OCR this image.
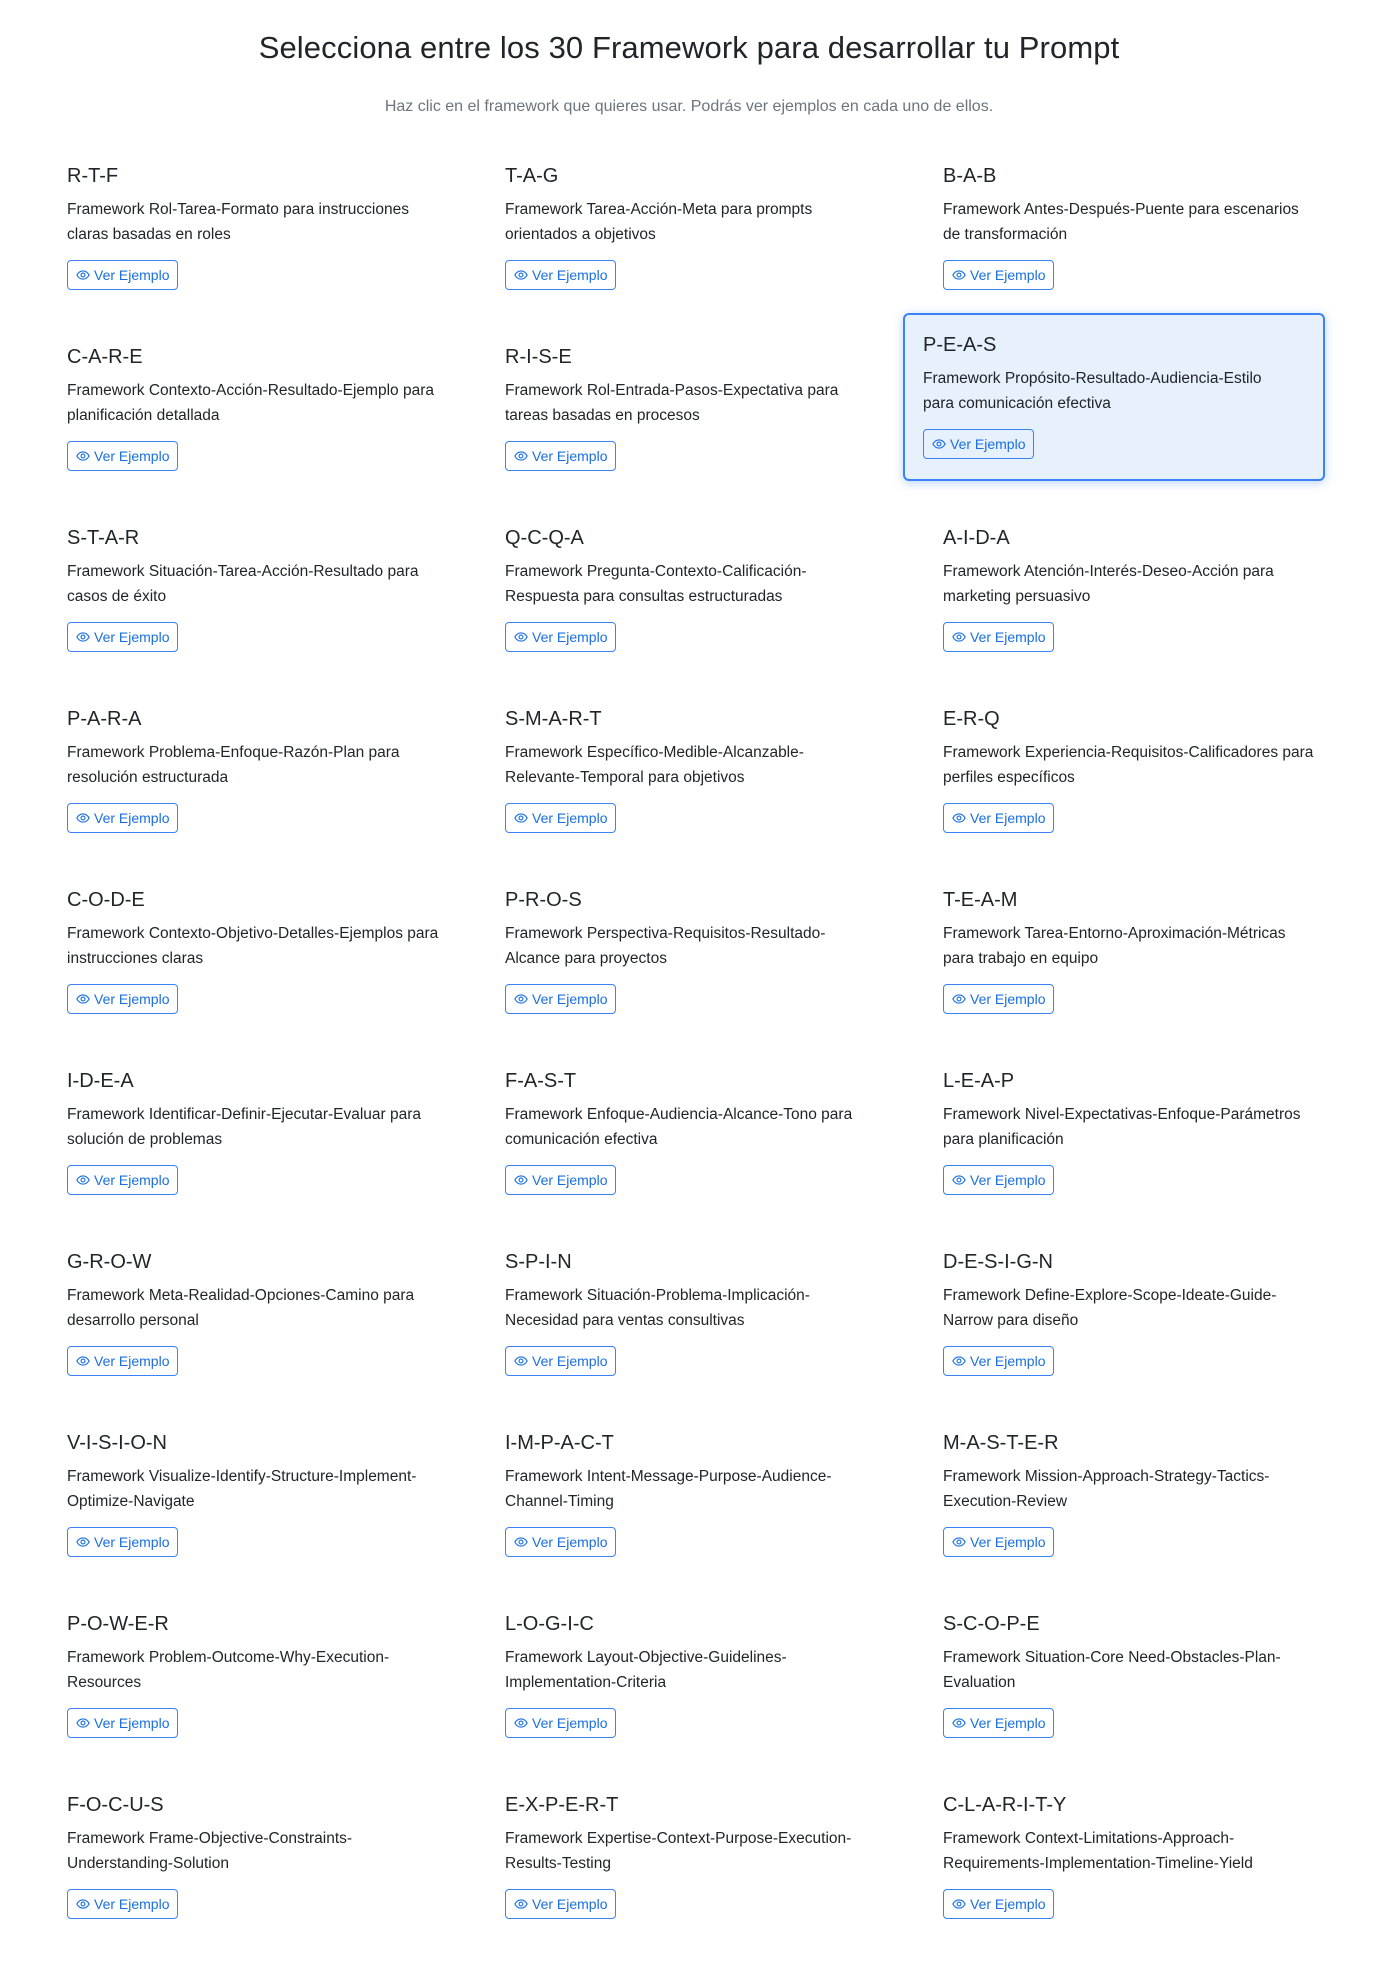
Selecciona entre los 30 Framework para desarrollar tu Prompt

Haz clic en el framework que quieres usar. Podrás ver ejemplos en cada uno de ellos.

R-T-F

Framework Rol-Tarea-Formato para instrucciones claras basadas en roles

Ver Ejemplo
T-A-G

Framework Tarea-Acción-Meta para prompts orientados a objetivos

Ver Ejemplo
B-A-B

Framework Antes-Después-Puente para escenarios de transformación

Ver Ejemplo
C-A-R-E

Framework Contexto-Acción-Resultado-Ejemplo para planificación detallada

Ver Ejemplo
R-I-S-E

Framework Rol-Entrada-Pasos-Expectativa para tareas basadas en procesos

Ver Ejemplo
P-E-A-S

Framework Propósito-Resultado-Audiencia-Estilo para comunicación efectiva

Ver Ejemplo
S-T-A-R

Framework Situación-Tarea-Acción-Resultado para casos de éxito

Ver Ejemplo
Q-C-Q-A

Framework Pregunta-Contexto-Calificación-Respuesta para consultas estructuradas

Ver Ejemplo
A-I-D-A

Framework Atención-Interés-Deseo-Acción para marketing persuasivo

Ver Ejemplo
P-A-R-A

Framework Problema-Enfoque-Razón-Plan para resolución estructurada

Ver Ejemplo
S-M-A-R-T

Framework Específico-Medible-Alcanzable-Relevante-Temporal para objetivos

Ver Ejemplo
E-R-Q

Framework Experiencia-Requisitos-Calificadores para perfiles específicos

Ver Ejemplo
C-O-D-E

Framework Contexto-Objetivo-Detalles-Ejemplos para instrucciones claras

Ver Ejemplo
P-R-O-S

Framework Perspectiva-Requisitos-Resultado-Alcance para proyectos

Ver Ejemplo
T-E-A-M

Framework Tarea-Entorno-Aproximación-Métricas para trabajo en equipo

Ver Ejemplo
I-D-E-A

Framework Identificar-Definir-Ejecutar-Evaluar para solución de problemas

Ver Ejemplo
F-A-S-T

Framework Enfoque-Audiencia-Alcance-Tono para comunicación efectiva

Ver Ejemplo
L-E-A-P

Framework Nivel-Expectativas-Enfoque-Parámetros para planificación

Ver Ejemplo
G-R-O-W

Framework Meta-Realidad-Opciones-Camino para desarrollo personal

Ver Ejemplo
S-P-I-N

Framework Situación-Problema-Implicación-Necesidad para ventas consultivas

Ver Ejemplo
D-E-S-I-G-N

Framework Define-Explore-Scope-Ideate-Guide-Narrow para diseño

Ver Ejemplo
V-I-S-I-O-N

Framework Visualize-Identify-Structure-Implement-Optimize-Navigate

Ver Ejemplo
I-M-P-A-C-T

Framework Intent-Message-Purpose-Audience-Channel-Timing

Ver Ejemplo
M-A-S-T-E-R

Framework Mission-Approach-Strategy-Tactics-Execution-Review

Ver Ejemplo
P-O-W-E-R

Framework Problem-Outcome-Why-Execution-Resources

Ver Ejemplo
L-O-G-I-C

Framework Layout-Objective-Guidelines-Implementation-Criteria

Ver Ejemplo
S-C-O-P-E

Framework Situation-Core Need-Obstacles-Plan-Evaluation

Ver Ejemplo
F-O-C-U-S

Framework Frame-Objective-Constraints-Understanding-Solution

Ver Ejemplo
E-X-P-E-R-T

Framework Expertise-Context-Purpose-Execution-Results-Testing

Ver Ejemplo
C-L-A-R-I-T-Y

Framework Context-Limitations-Approach-Requirements-Implementation-Timeline-Yield

Ver Ejemplo
